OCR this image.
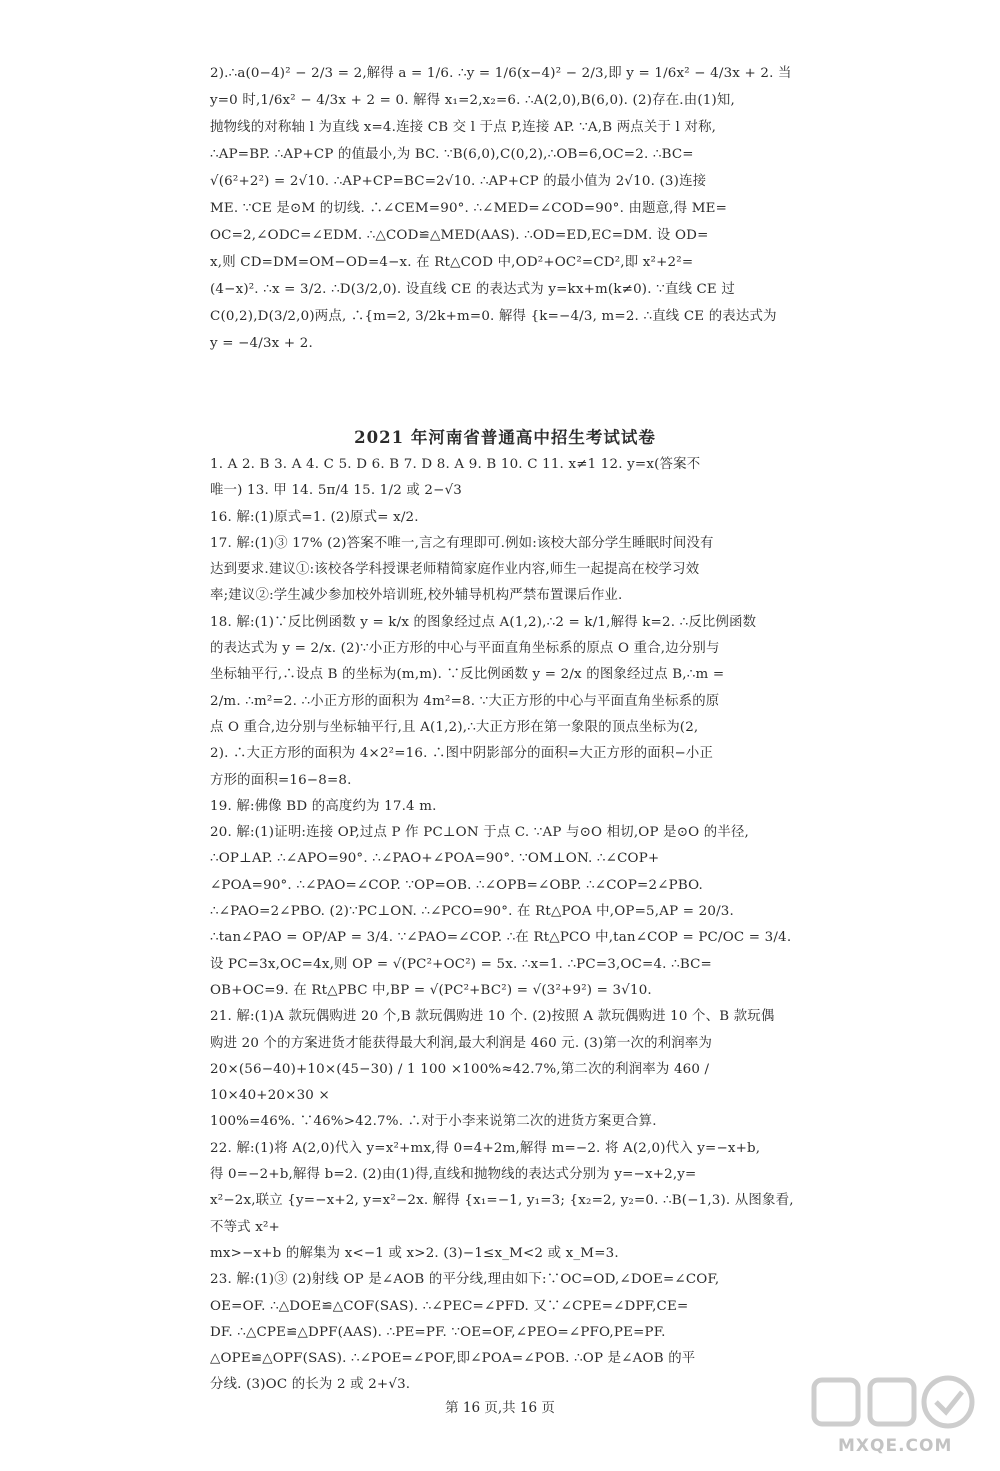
2).∴a(0−4)² − 2/3 = 2,解得 a = 1/6. ∴y = 1/6(x−4)² − 2/3,即 y = 1/6x² − 4/3x + 2. 当

y=0 时,1/6x² − 4/3x + 2 = 0. 解得 x₁=2,x₂=6. ∴A(2,0),B(6,0). (2)存在.由(1)知,

抛物线的对称轴 l 为直线 x=4.连接 CB 交 l 于点 P,连接 AP. ∵A,B 两点关于 l 对称,

∴AP=BP. ∴AP+CP 的值最小,为 BC. ∵B(6,0),C(0,2),∴OB=6,OC=2. ∴BC=

√(6²+2²) = 2√10. ∴AP+CP=BC=2√10. ∴AP+CP 的最小值为 2√10. (3)连接

ME. ∵CE 是⊙M 的切线. ∴∠CEM=90°. ∴∠MED=∠COD=90°. 由题意,得 ME=

OC=2,∠ODC=∠EDM. ∴△COD≌△MED(AAS). ∴OD=ED,EC=DM. 设 OD=

x,则 CD=DM=OM−OD=4−x. 在 Rt△COD 中,OD²+OC²=CD²,即 x²+2²=

(4−x)². ∴x = 3/2. ∴D(3/2,0). 设直线 CE 的表达式为 y=kx+m(k≠0). ∵直线 CE 过

C(0,2),D(3/2,0)两点, ∴{m=2, 3/2k+m=0. 解得 {k=−4/3, m=2. ∴直线 CE 的表达式为

y = −4/3x + 2.

2021 年河南省普通高中招生考试试卷

1. A 2. B 3. A 4. C 5. D 6. B 7. D 8. A 9. B 10. C 11. x≠1 12. y=x(答案不

唯一) 13. 甲 14. 5π/4 15. 1/2 或 2−√3

16. 解:(1)原式=1. (2)原式= x/2.

17. 解:(1)③ 17% (2)答案不唯一,言之有理即可.例如:该校大部分学生睡眠时间没有

达到要求.建议①:该校各学科授课老师精简家庭作业内容,师生一起提高在校学习效

率;建议②:学生减少参加校外培训班,校外辅导机构严禁布置课后作业.

18. 解:(1)∵反比例函数 y = k/x 的图象经过点 A(1,2),∴2 = k/1,解得 k=2. ∴反比例函数

的表达式为 y = 2/x. (2)∵小正方形的中心与平面直角坐标系的原点 O 重合,边分别与

坐标轴平行,∴设点 B 的坐标为(m,m). ∵反比例函数 y = 2/x 的图象经过点 B,∴m =

2/m. ∴m²=2. ∴小正方形的面积为 4m²=8. ∵大正方形的中心与平面直角坐标系的原

点 O 重合,边分别与坐标轴平行,且 A(1,2),∴大正方形在第一象限的顶点坐标为(2,

2). ∴大正方形的面积为 4×2²=16. ∴图中阴影部分的面积=大正方形的面积−小正

方形的面积=16−8=8.

19. 解:佛像 BD 的高度约为 17.4 m.

20. 解:(1)证明:连接 OP,过点 P 作 PC⊥ON 于点 C. ∵AP 与⊙O 相切,OP 是⊙O 的半径,

∴OP⊥AP. ∴∠APO=90°. ∴∠PAO+∠POA=90°. ∵OM⊥ON. ∴∠COP+

∠POA=90°. ∴∠PAO=∠COP. ∵OP=OB. ∴∠OPB=∠OBP. ∴∠COP=2∠PBO.

∴∠PAO=2∠PBO. (2)∵PC⊥ON. ∴∠PCO=90°. 在 Rt△POA 中,OP=5,AP = 20/3.

∴tan∠PAO = OP/AP = 3/4. ∵∠PAO=∠COP. ∴在 Rt△PCO 中,tan∠COP = PC/OC = 3/4.

设 PC=3x,OC=4x,则 OP = √(PC²+OC²) = 5x. ∴x=1. ∴PC=3,OC=4. ∴BC=

OB+OC=9. 在 Rt△PBC 中,BP = √(PC²+BC²) = √(3²+9²) = 3√10.

21. 解:(1)A 款玩偶购进 20 个,B 款玩偶购进 10 个. (2)按照 A 款玩偶购进 10 个、B 款玩偶

购进 20 个的方案进货才能获得最大利润,最大利润是 460 元. (3)第一次的利润率为

20×(56−40)+10×(45−30) / 1 100 ×100%≈42.7%,第二次的利润率为 460 / 10×40+20×30 ×

100%=46%. ∵46%>42.7%. ∴对于小李来说第二次的进货方案更合算.

22. 解:(1)将 A(2,0)代入 y=x²+mx,得 0=4+2m,解得 m=−2. 将 A(2,0)代入 y=−x+b,

得 0=−2+b,解得 b=2. (2)由(1)得,直线和抛物线的表达式分别为 y=−x+2,y=

x²−2x,联立 {y=−x+2, y=x²−2x. 解得 {x₁=−1, y₁=3; {x₂=2, y₂=0. ∴B(−1,3). 从图象看,不等式 x²+

mx>−x+b 的解集为 x<−1 或 x>2. (3)−1≤x_M<2 或 x_M=3.

23. 解:(1)③ (2)射线 OP 是∠AOB 的平分线,理由如下:∵OC=OD,∠DOE=∠COF,

OE=OF. ∴△DOE≌△COF(SAS). ∴∠PEC=∠PFD. 又∵∠CPE=∠DPF,CE=

DF. ∴△CPE≌△DPF(AAS). ∴PE=PF. ∵OE=OF,∠PEO=∠PFO,PE=PF.

△OPE≌△OPF(SAS). ∴∠POE=∠POF,即∠POA=∠POB. ∴OP 是∠AOB 的平

分线. (3)OC 的长为 2 或 2+√3.

第 16 页,共 16 页
MXQE.COM
